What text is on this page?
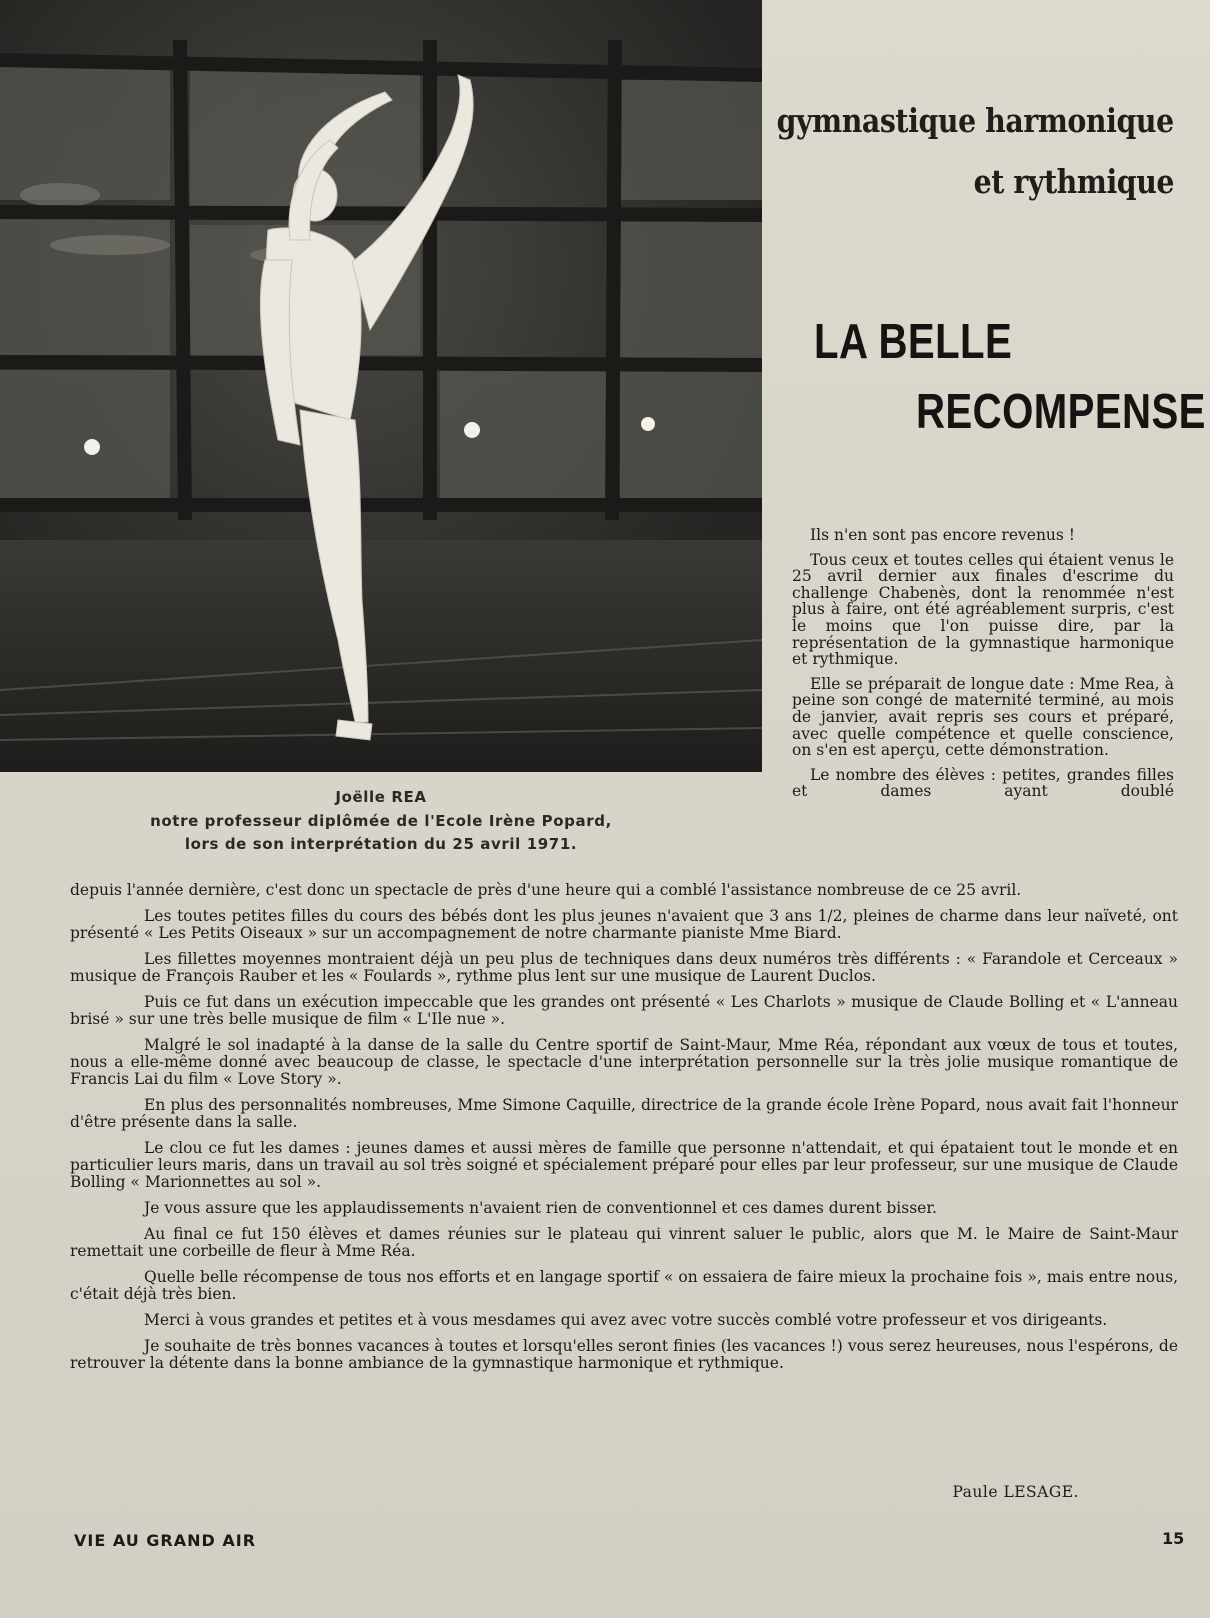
Joëlle REA
notre professeur diplômée de l'Ecole Irène Popard,
lors de son interprétation du 25 avril 1971.
gymnastique harmonique
et rythmique
LA BELLE
RECOMPENSE

Ils n'en sont pas encore revenus !

Tous ceux et toutes celles qui étaient venus le 25 avril dernier aux finales d'escrime du challenge Chabenès, dont la renommée n'est plus à faire, ont été agréablement surpris, c'est le moins que l'on puisse dire, par la représentation de la gymnastique harmonique et rythmique.

Elle se préparait de longue date : Mme Rea, à peine son congé de maternité terminé, au mois de janvier, avait repris ses cours et préparé, avec quelle compétence et quelle conscience, on s'en est aperçu, cette démonstration.

Le nombre des élèves : petites, grandes filles et dames ayant doublé

depuis l'année dernière, c'est donc un spectacle de près d'une heure qui a comblé l'assistance nombreuse de ce 25 avril.

Les toutes petites filles du cours des bébés dont les plus jeunes n'avaient que 3 ans 1/2, pleines de charme dans leur naïveté, ont présenté « Les Petits Oiseaux » sur un accompagnement de notre charmante pianiste Mme Biard.

Les fillettes moyennes montraient déjà un peu plus de techniques dans deux numéros très différents : « Farandole et Cerceaux » musique de François Rauber et les « Foulards », rythme plus lent sur une musique de Laurent Duclos.

Puis ce fut dans un exécution impeccable que les grandes ont présenté « Les Charlots » musique de Claude Bolling et « L'anneau brisé » sur une très belle musique de film « L'Ile nue ».

Malgré le sol inadapté à la danse de la salle du Centre sportif de Saint-Maur, Mme Réa, répondant aux vœux de tous et toutes, nous a elle-même donné avec beaucoup de classe, le spectacle d'une interprétation personnelle sur la très jolie musique romantique de Francis Lai du film « Love Story ».

En plus des personnalités nombreuses, Mme Simone Caquille, directrice de la grande école Irène Popard, nous avait fait l'honneur d'être présente dans la salle.

Le clou ce fut les dames : jeunes dames et aussi mères de famille que personne n'attendait, et qui épataient tout le monde et en particulier leurs maris, dans un travail au sol très soigné et spécialement préparé pour elles par leur professeur, sur une musique de Claude Bolling « Marionnettes au sol ».

Je vous assure que les applaudissements n'avaient rien de conventionnel et ces dames durent bisser.

Au final ce fut 150 élèves et dames réunies sur le plateau qui vinrent saluer le public, alors que M. le Maire de Saint-Maur remettait une corbeille de fleur à Mme Réa.

Quelle belle récompense de tous nos efforts et en langage sportif « on essaiera de faire mieux la prochaine fois », mais entre nous, c'était déjà très bien.

Merci à vous grandes et petites et à vous mesdames qui avez avec votre succès comblé votre professeur et vos dirigeants.

Je souhaite de très bonnes vacances à toutes et lorsqu'elles seront finies (les vacances !) vous serez heureuses, nous l'espérons, de retrouver la détente dans la bonne ambiance de la gymnastique harmonique et rythmique.

Paule LESAGE.
VIE AU GRAND AIR	15
